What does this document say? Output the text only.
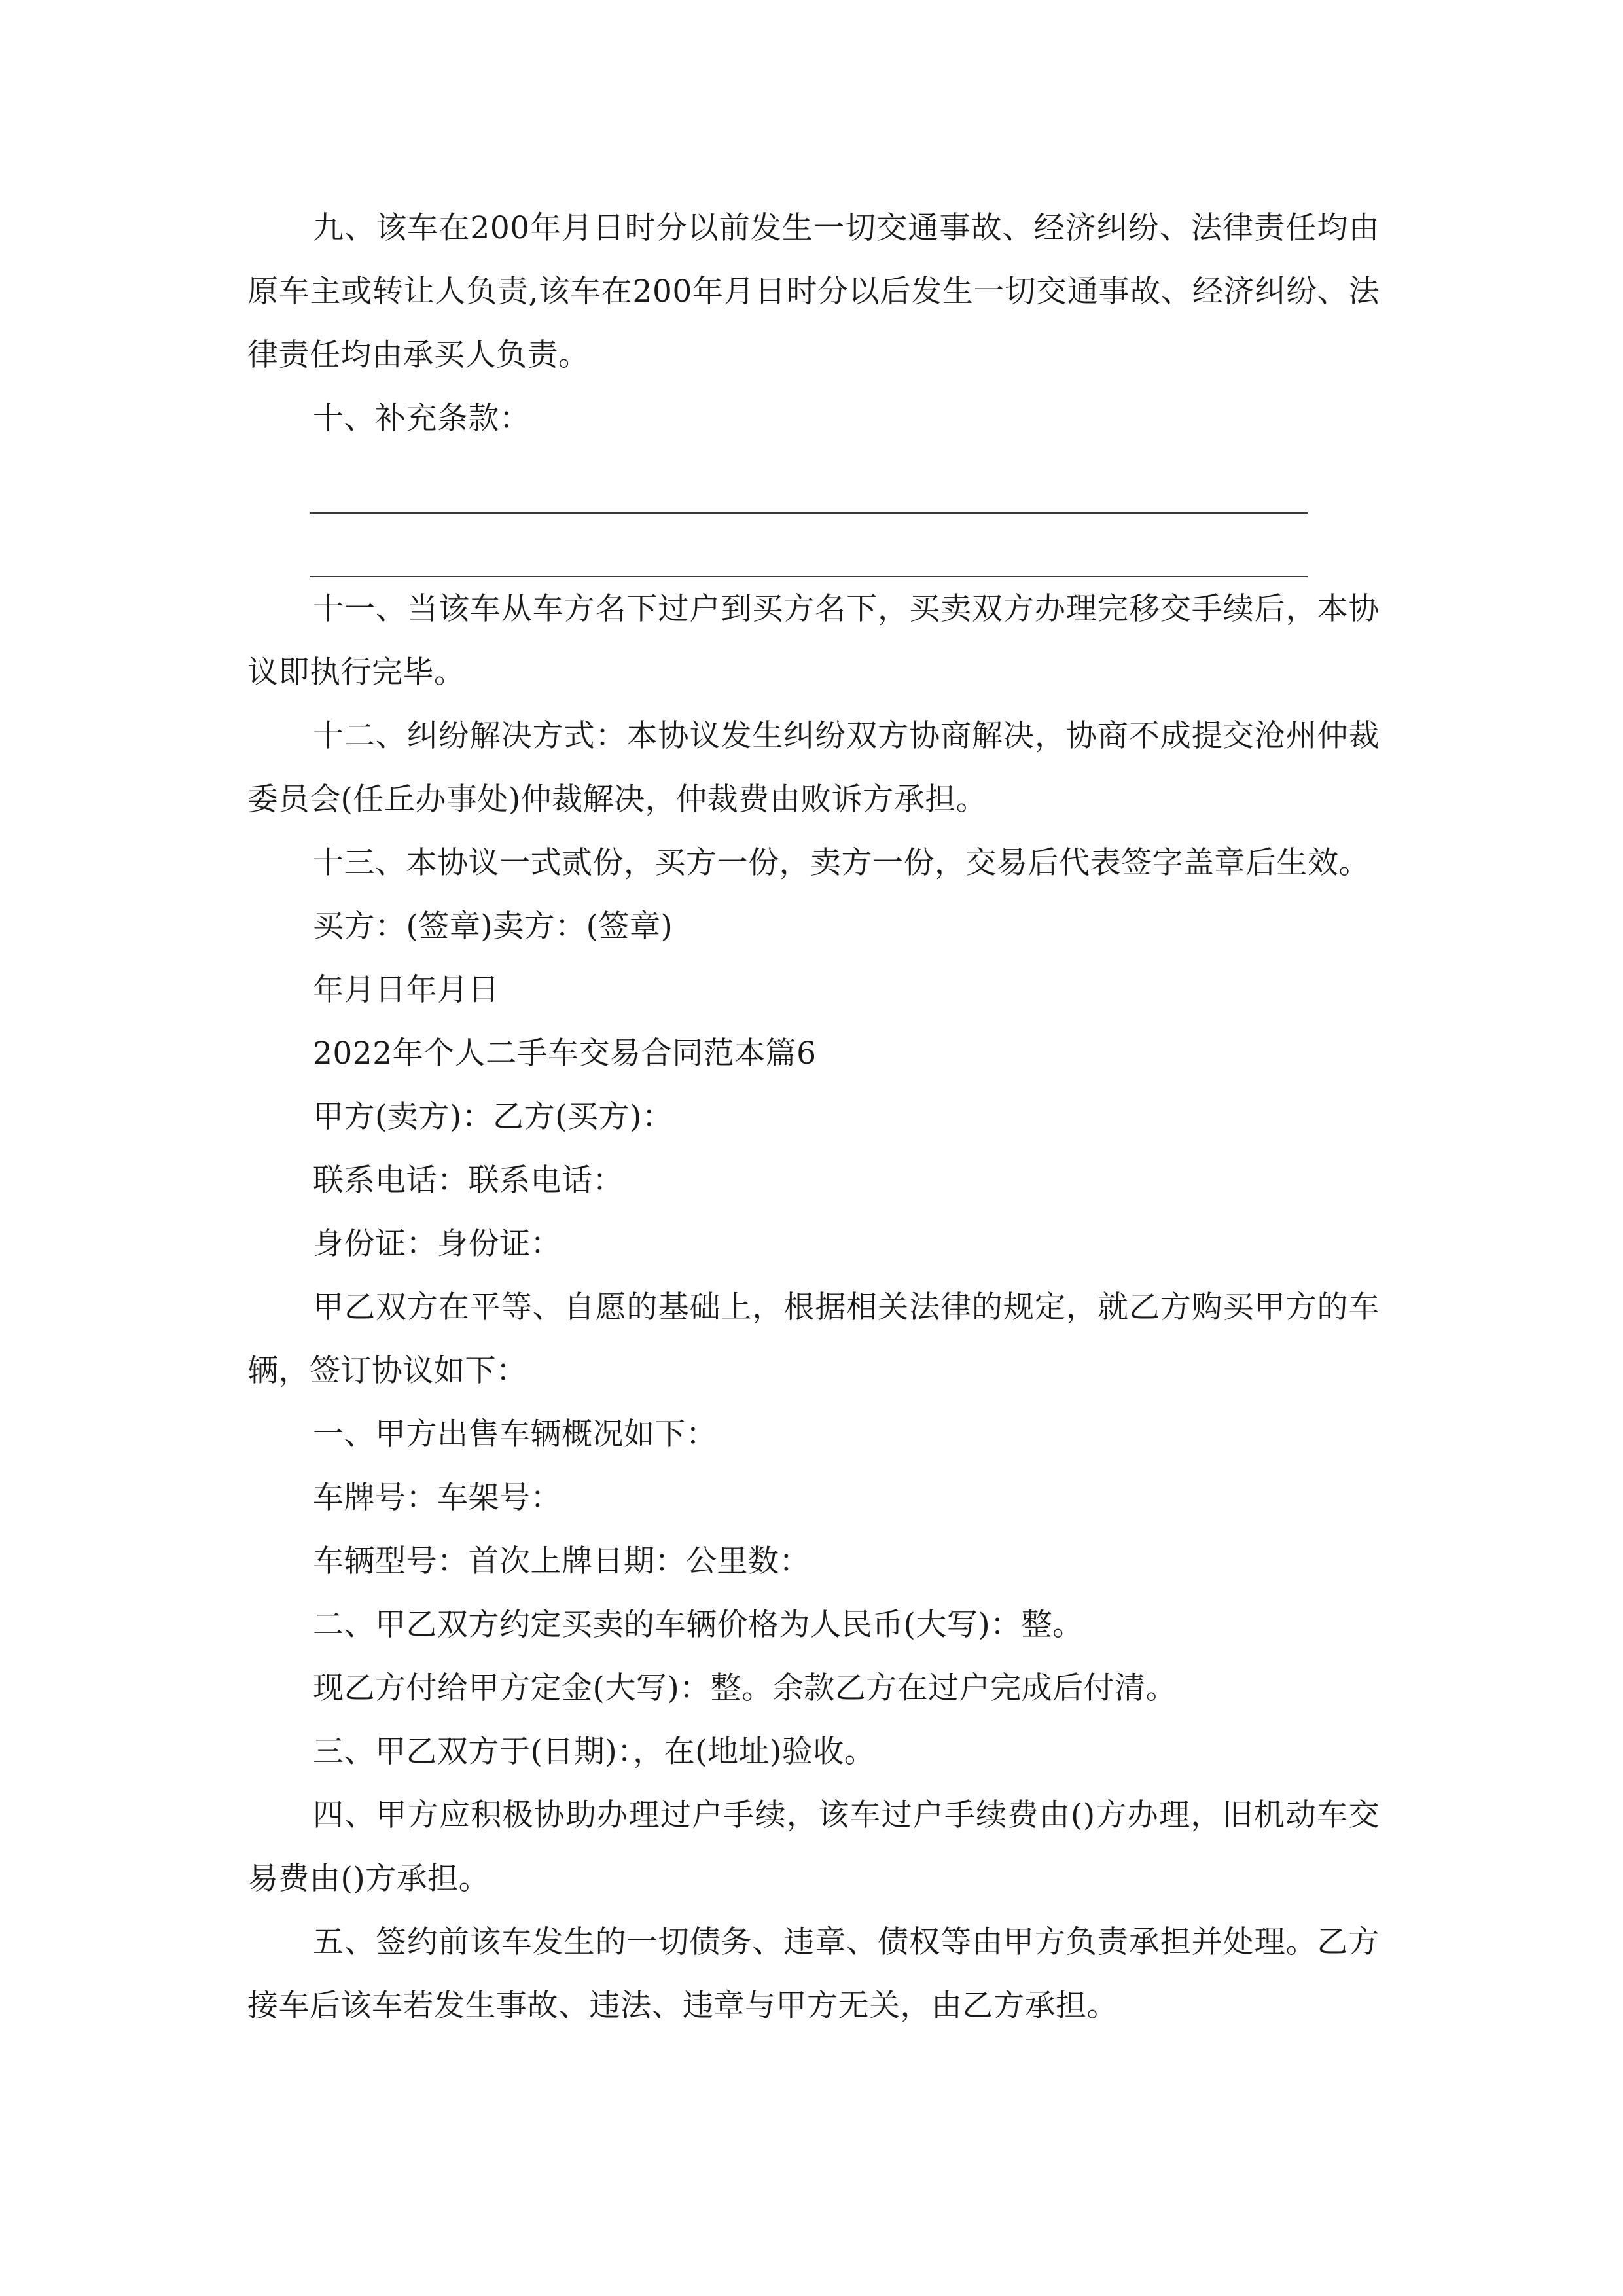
九、该车在200年月日时分以前发生一切交通事故、经济纠纷、法律责任均由原车主或转让人负责,该车在200年月日时分以后发生一切交通事故、经济纠纷、法律责任均由承买人负责。

十、补充条款：

十一、当该车从车方名下过户到买方名下，买卖双方办理完移交手续后，本协议即执行完毕。

十二、纠纷解决方式：本协议发生纠纷双方协商解决，协商不成提交沧州仲裁委员会(任丘办事处)仲裁解决，仲裁费由败诉方承担。

十三、本协议一式贰份，买方一份，卖方一份，交易后代表签字盖章后生效。

买方：(签章)卖方：(签章)

年月日年月日

2022年个人二手车交易合同范本篇6

甲方(卖方)：乙方(买方)：

联系电话：联系电话：

身份证：身份证：

甲乙双方在平等、自愿的基础上，根据相关法律的规定，就乙方购买甲方的车辆，签订协议如下：

一、甲方出售车辆概况如下：

车牌号：车架号：

车辆型号：首次上牌日期：公里数：

二、甲乙双方约定买卖的车辆价格为人民币(大写)：整。

现乙方付给甲方定金(大写)：整。余款乙方在过户完成后付清。

三、甲乙双方于(日期)：，在(地址)验收。

四、甲方应积极协助办理过户手续，该车过户手续费由()方办理，旧机动车交易费由()方承担。

五、签约前该车发生的一切债务、违章、债权等由甲方负责承担并处理。乙方接车后该车若发生事故、违法、违章与甲方无关，由乙方承担。
